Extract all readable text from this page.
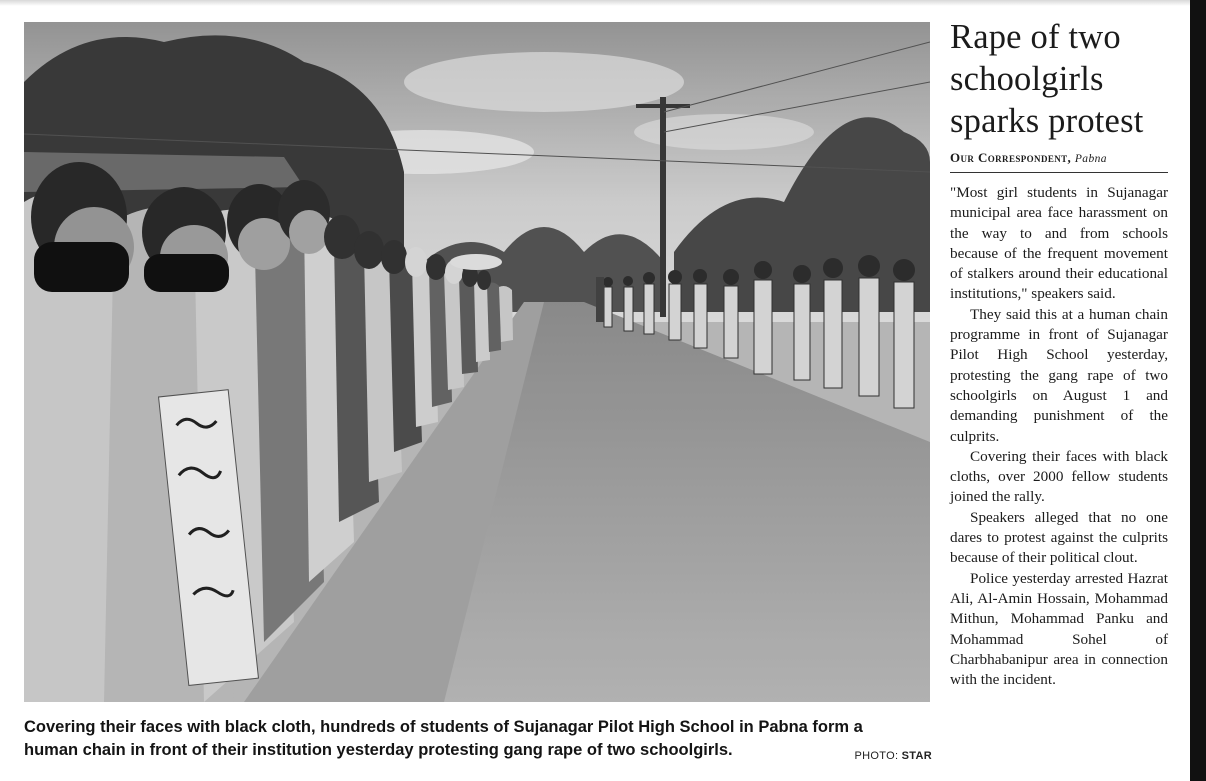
Covering their faces with black cloth, hundreds of students of Sujanagar Pilot High School in Pabna form a human chain in front of their institution yesterday protesting gang rape of two schoolgirls.	PHOTO: STAR
Rape of two schoolgirls sparks protest
Our Correspondent, Pabna

"Most girl students in Sujanagar municipal area face harassment on the way to and from schools because of the frequent movement of stalkers around their educational institutions," speakers said.

They said this at a human chain programme in front of Sujanagar Pilot High School yesterday, protesting the gang rape of two schoolgirls on August 1 and demanding punishment of the culprits.

Covering their faces with black cloths, over 2000 fellow students joined the rally.

Speakers alleged that no one dares to protest against the culprits because of their political clout.

Police yesterday arrested Hazrat Ali, Al-Amin Hossain, Mohammad Mithun, Mohammad Panku and Mohammad Sohel of Charbhabanipur area in connection with the incident.
